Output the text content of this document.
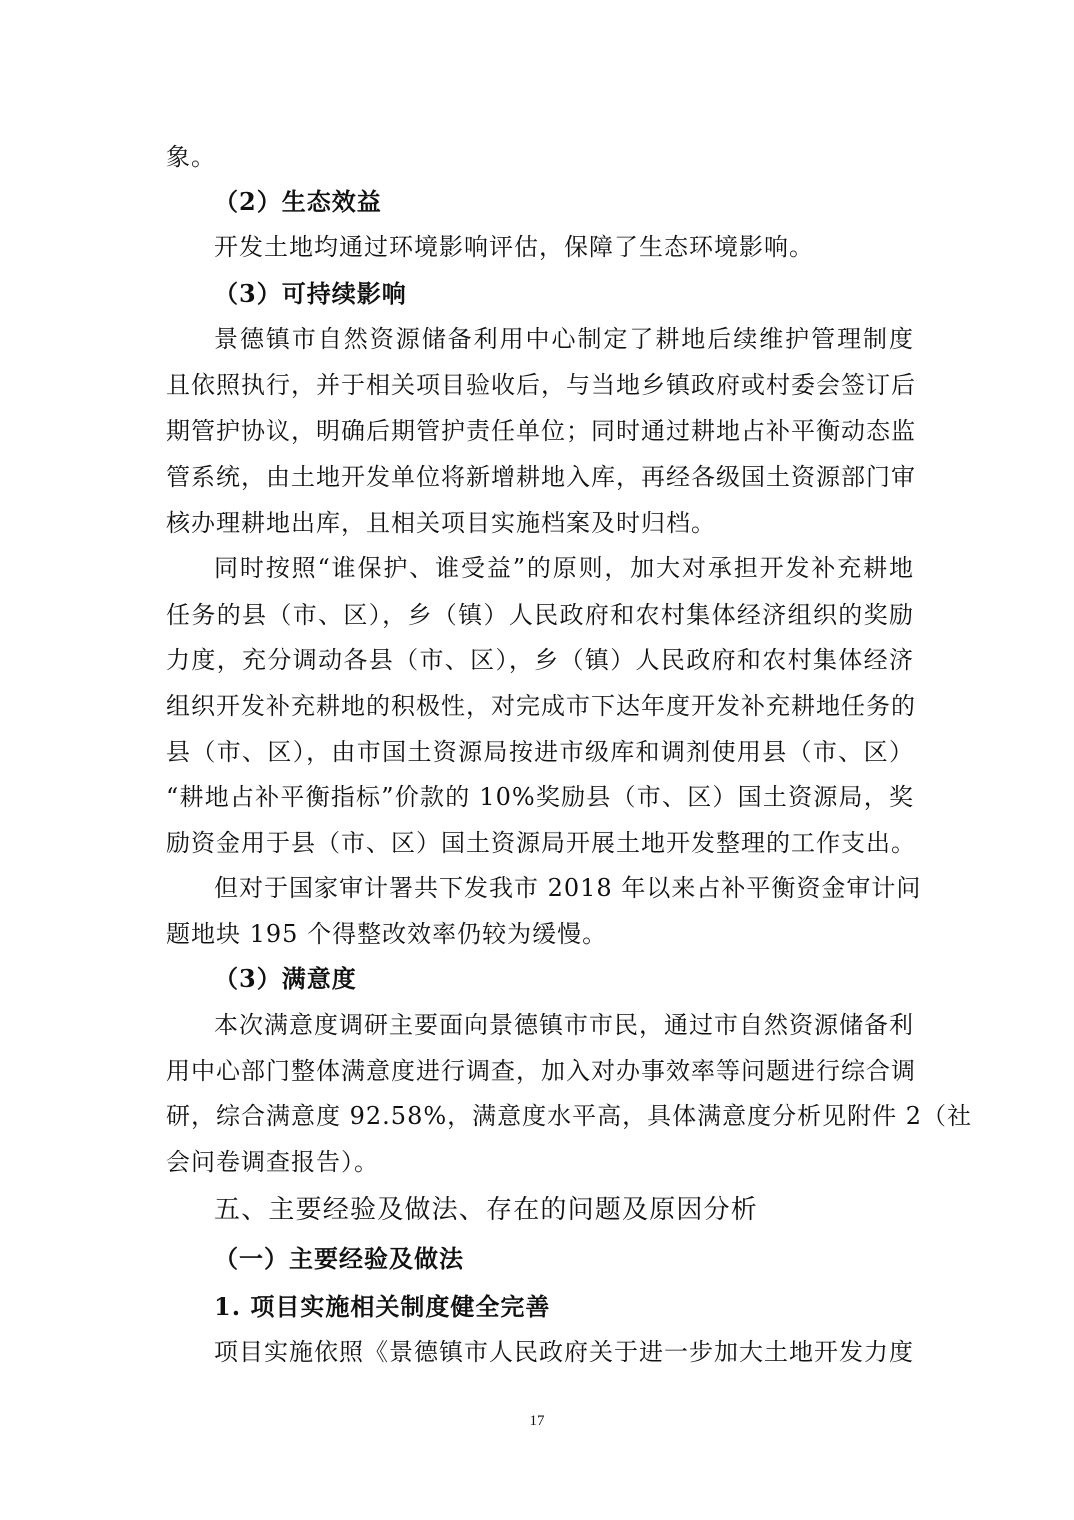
象。

（2）生态效益

开发土地均通过环境影响评估，保障了生态环境影响。

（3）可持续影响

景德镇市自然资源储备利用中心制定了耕地后续维护管理制度

且依照执行，并于相关项目验收后，与当地乡镇政府或村委会签订后

期管护协议，明确后期管护责任单位；同时通过耕地占补平衡动态监

管系统，由土地开发单位将新增耕地入库，再经各级国土资源部门审

核办理耕地出库，且相关项目实施档案及时归档。

同时按照“谁保护、谁受益”的原则，加大对承担开发补充耕地

任务的县（市、区），乡（镇）人民政府和农村集体经济组织的奖励

力度，充分调动各县（市、区），乡（镇）人民政府和农村集体经济

组织开发补充耕地的积极性，对完成市下达年度开发补充耕地任务的

县（市、区），由市国土资源局按进市级库和调剂使用县（市、区）

“耕地占补平衡指标”价款的 10%奖励县（市、区）国土资源局，奖

励资金用于县（市、区）国土资源局开展土地开发整理的工作支出。

但对于国家审计署共下发我市 2018 年以来占补平衡资金审计问

题地块 195 个得整改效率仍较为缓慢。

（3）满意度

本次满意度调研主要面向景德镇市市民，通过市自然资源储备利

用中心部门整体满意度进行调查，加入对办事效率等问题进行综合调

研，综合满意度 92.58%，满意度水平高，具体满意度分析见附件 2（社

会问卷调查报告）。

五、主要经验及做法、存在的问题及原因分析

（一）主要经验及做法

1. 项目实施相关制度健全完善

项目实施依照《景德镇市人民政府关于进一步加大土地开发力度

17
